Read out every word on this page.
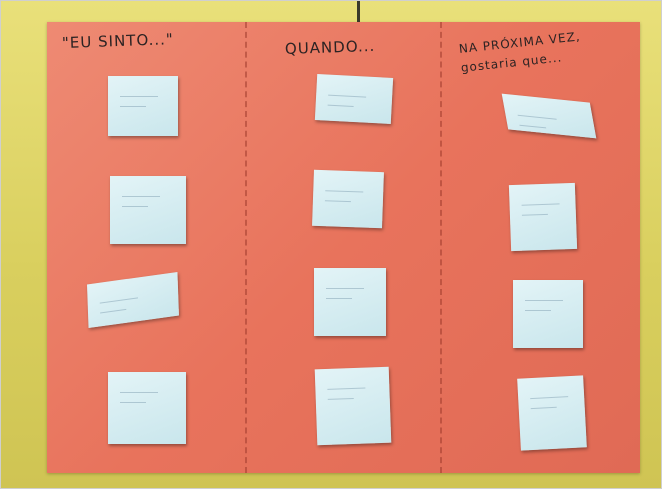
"EU SINTO..."	QUANDO...	NA PRÓXIMA VEZ,
gostaria que...
